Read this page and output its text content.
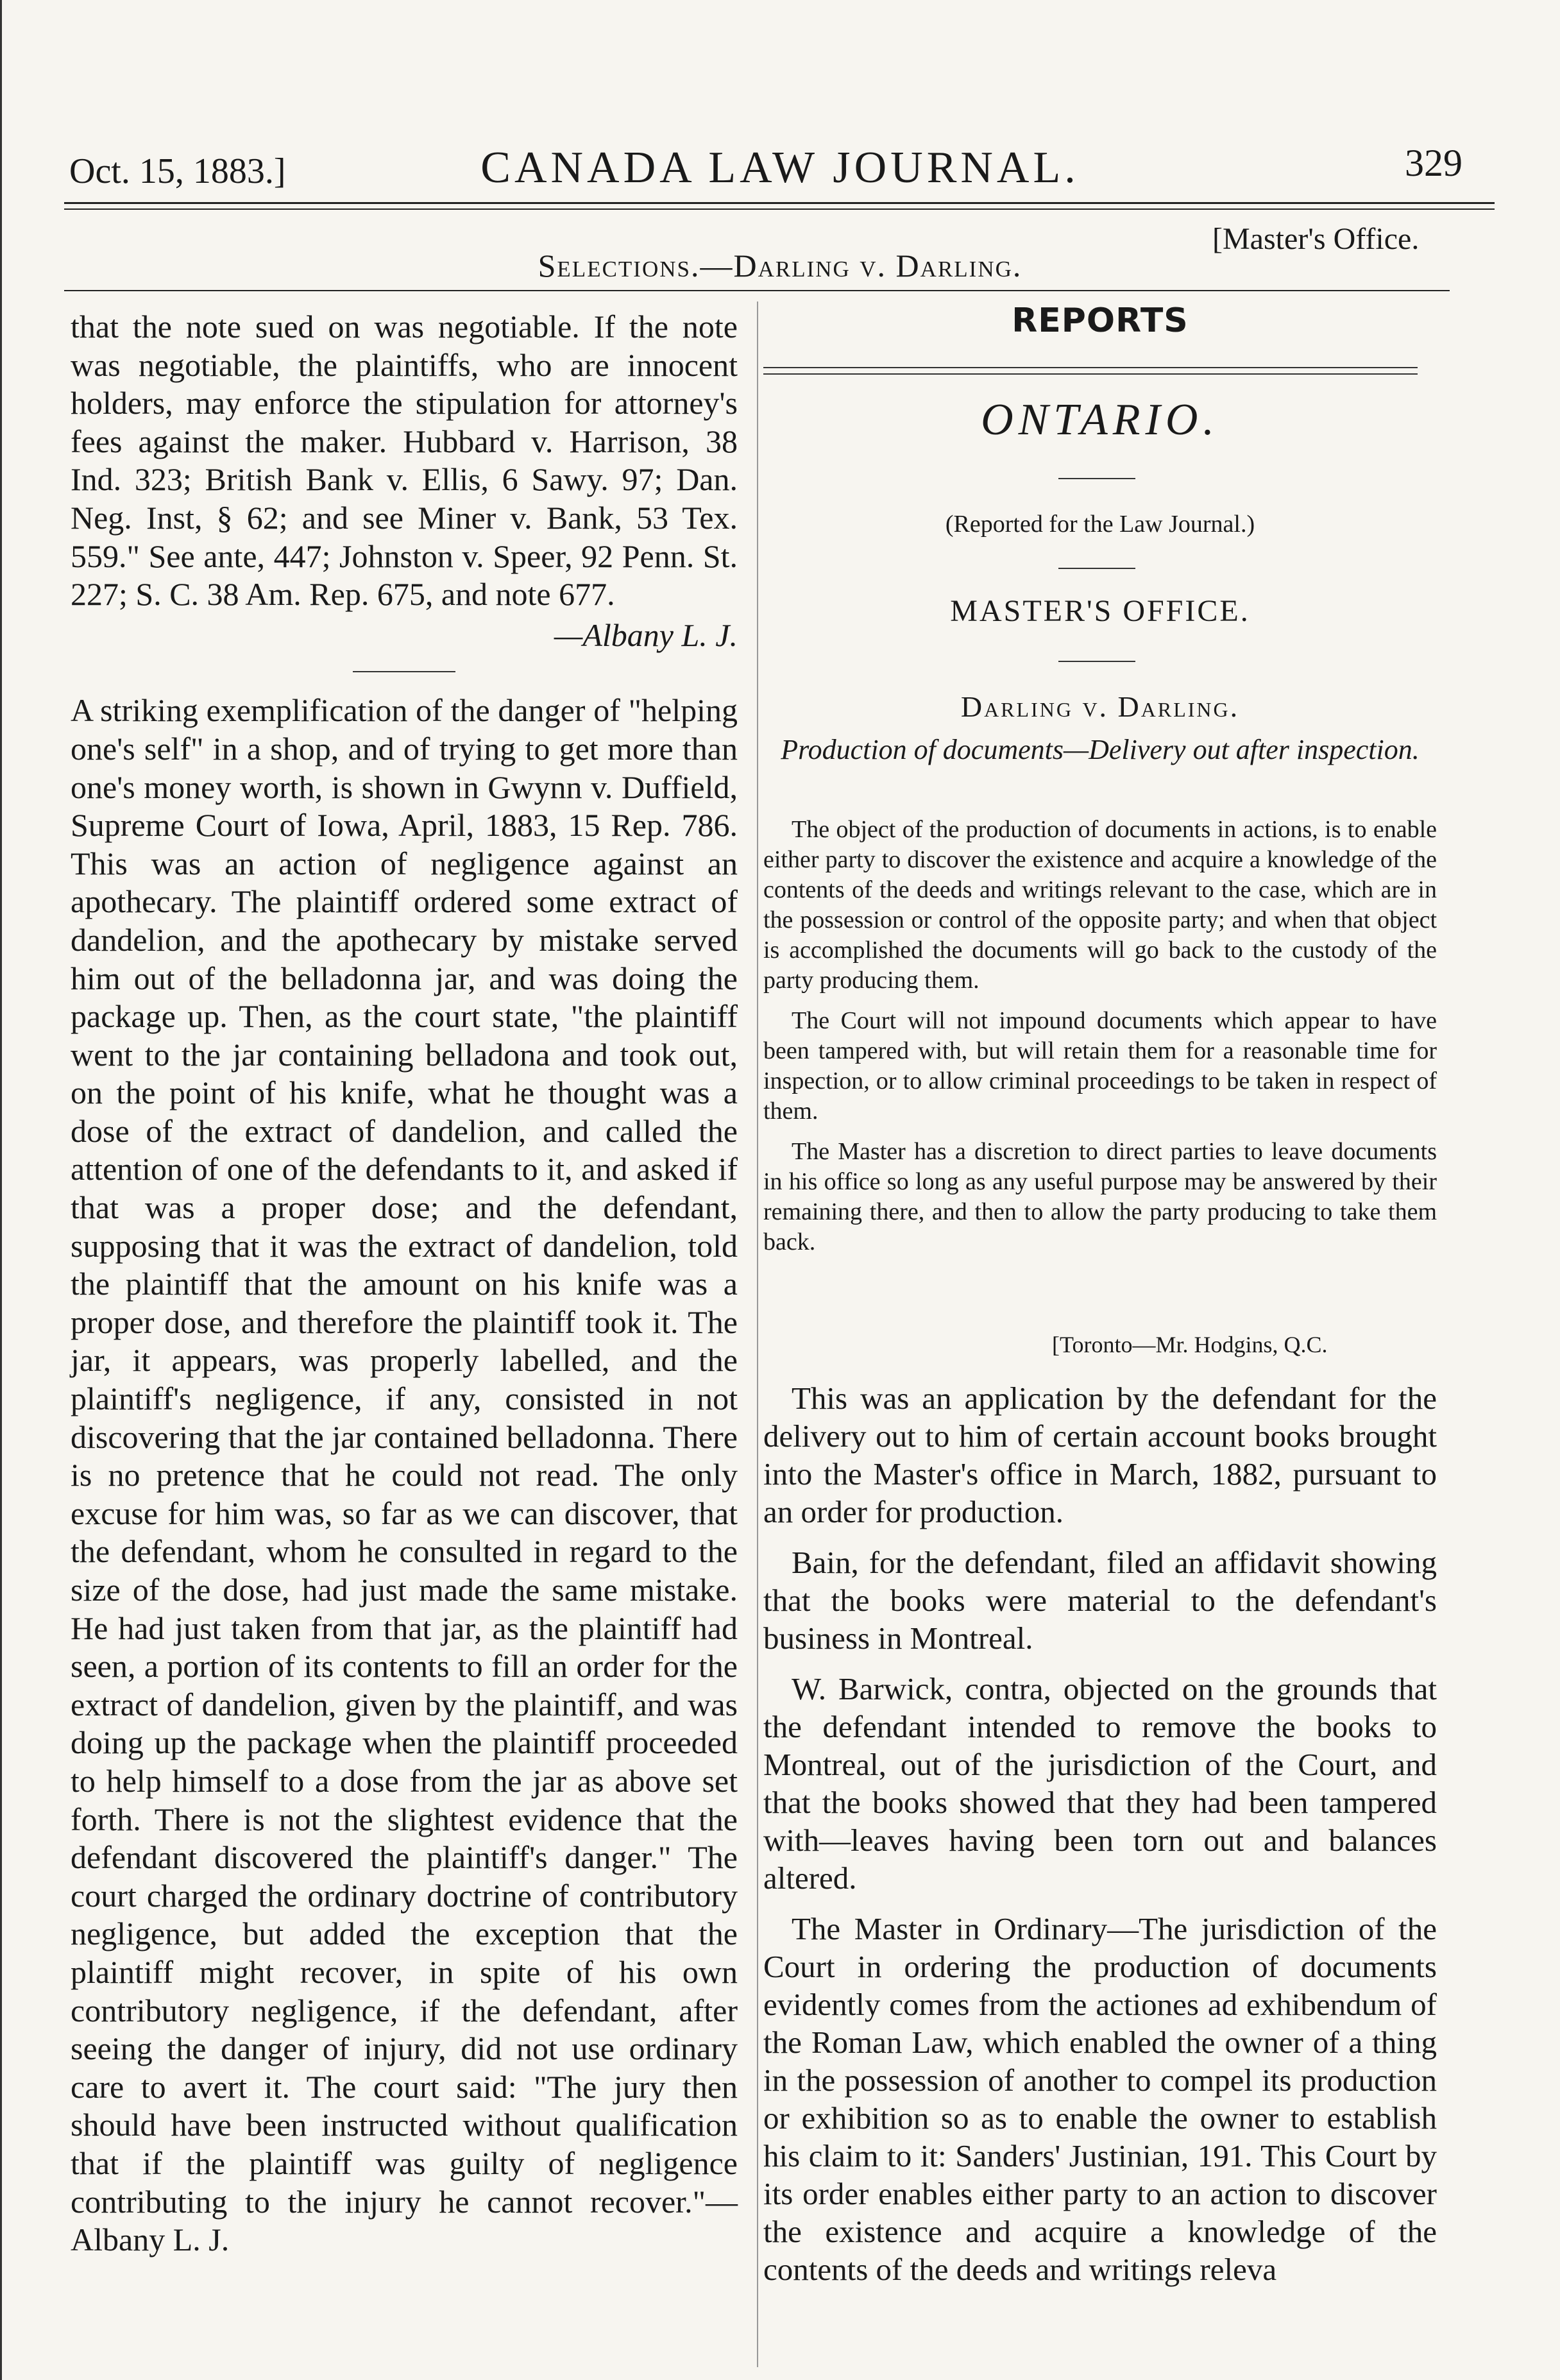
Oct. 15, 1883.]	CANADA LAW JOURNAL.	329
Selections.—Darling v. Darling.
[Master's Office.

that the note sued on was negotiable. If the note was negotiable, the plaintiffs, who are innocent holders, may enforce the stipulation for attorney's fees against the maker. Hubbard v. Harrison, 38 Ind. 323; British Bank v. Ellis, 6 Sawy. 97; Dan. Neg. Inst, § 62; and see Miner v. Bank, 53 Tex. 559." See ante, 447; Johnston v. Speer, 92 Penn. St. 227; S. C. 38 Am. Rep. 675, and note 677.

—Albany L. J.

A striking exemplification of the danger of "helping one's self" in a shop, and of trying to get more than one's money worth, is shown in Gwynn v. Duffield, Supreme Court of Iowa, April, 1883, 15 Rep. 786. This was an action of negligence against an apothecary. The plaintiff ordered some extract of dandelion, and the apothecary by mistake served him out of the belladonna jar, and was doing the package up. Then, as the court state, "the plaintiff went to the jar containing belladona and took out, on the point of his knife, what he thought was a dose of the extract of dandelion, and called the attention of one of the defendants to it, and asked if that was a proper dose; and the defendant, supposing that it was the extract of dandelion, told the plaintiff that the amount on his knife was a proper dose, and therefore the plaintiff took it. The jar, it appears, was properly labelled, and the plaintiff's negligence, if any, consisted in not discovering that the jar contained belladonna. There is no pretence that he could not read. The only excuse for him was, so far as we can discover, that the defendant, whom he consulted in regard to the size of the dose, had just made the same mistake. He had just taken from that jar, as the plaintiff had seen, a portion of its contents to fill an order for the extract of dandelion, given by the plaintiff, and was doing up the package when the plaintiff proceeded to help himself to a dose from the jar as above set forth. There is not the slightest evidence that the defendant discovered the plaintiff's danger." The court charged the ordinary doctrine of contributory negligence, but added the exception that the plaintiff might recover, in spite of his own contributory negligence, if the defendant, after seeing the danger of injury, did not use ordinary care to avert it. The court said: "The jury then should have been instructed without qualification that if the plaintiff was guilty of negligence contributing to the injury he cannot recover."—Albany L. J.

REPORTS
ONTARIO.
(Reported for the Law Journal.)
MASTER'S OFFICE.
Darling v. Darling.
Production of documents—Delivery out after inspection.

The object of the production of documents in actions, is to enable either party to discover the existence and acquire a knowledge of the contents of the deeds and writings relevant to the case, which are in the possession or control of the opposite party; and when that object is accomplished the documents will go back to the custody of the party producing them.

The Court will not impound documents which appear to have been tampered with, but will retain them for a reasonable time for inspection, or to allow criminal proceedings to be taken in respect of them.

The Master has a discretion to direct parties to leave documents in his office so long as any useful purpose may be answered by their remaining there, and then to allow the party producing to take them back.

[Toronto—Mr. Hodgins, Q.C.

This was an application by the defendant for the delivery out to him of certain account books brought into the Master's office in March, 1882, pursuant to an order for production.

Bain, for the defendant, filed an affidavit showing that the books were material to the defendant's business in Montreal.

W. Barwick, contra, objected on the grounds that the defendant intended to remove the books to Montreal, out of the jurisdiction of the Court, and that the books showed that they had been tampered with—leaves having been torn out and balances altered.

The Master in Ordinary—The jurisdiction of the Court in ordering the production of documents evidently comes from the actiones ad exhibendum of the Roman Law, which enabled the owner of a thing in the possession of another to compel its production or exhibition so as to enable the owner to establish his claim to it: Sanders' Justinian, 191. This Court by its order enables either party to an action to discover the existence and acquire a knowledge of the contents of the deeds and writings releva
